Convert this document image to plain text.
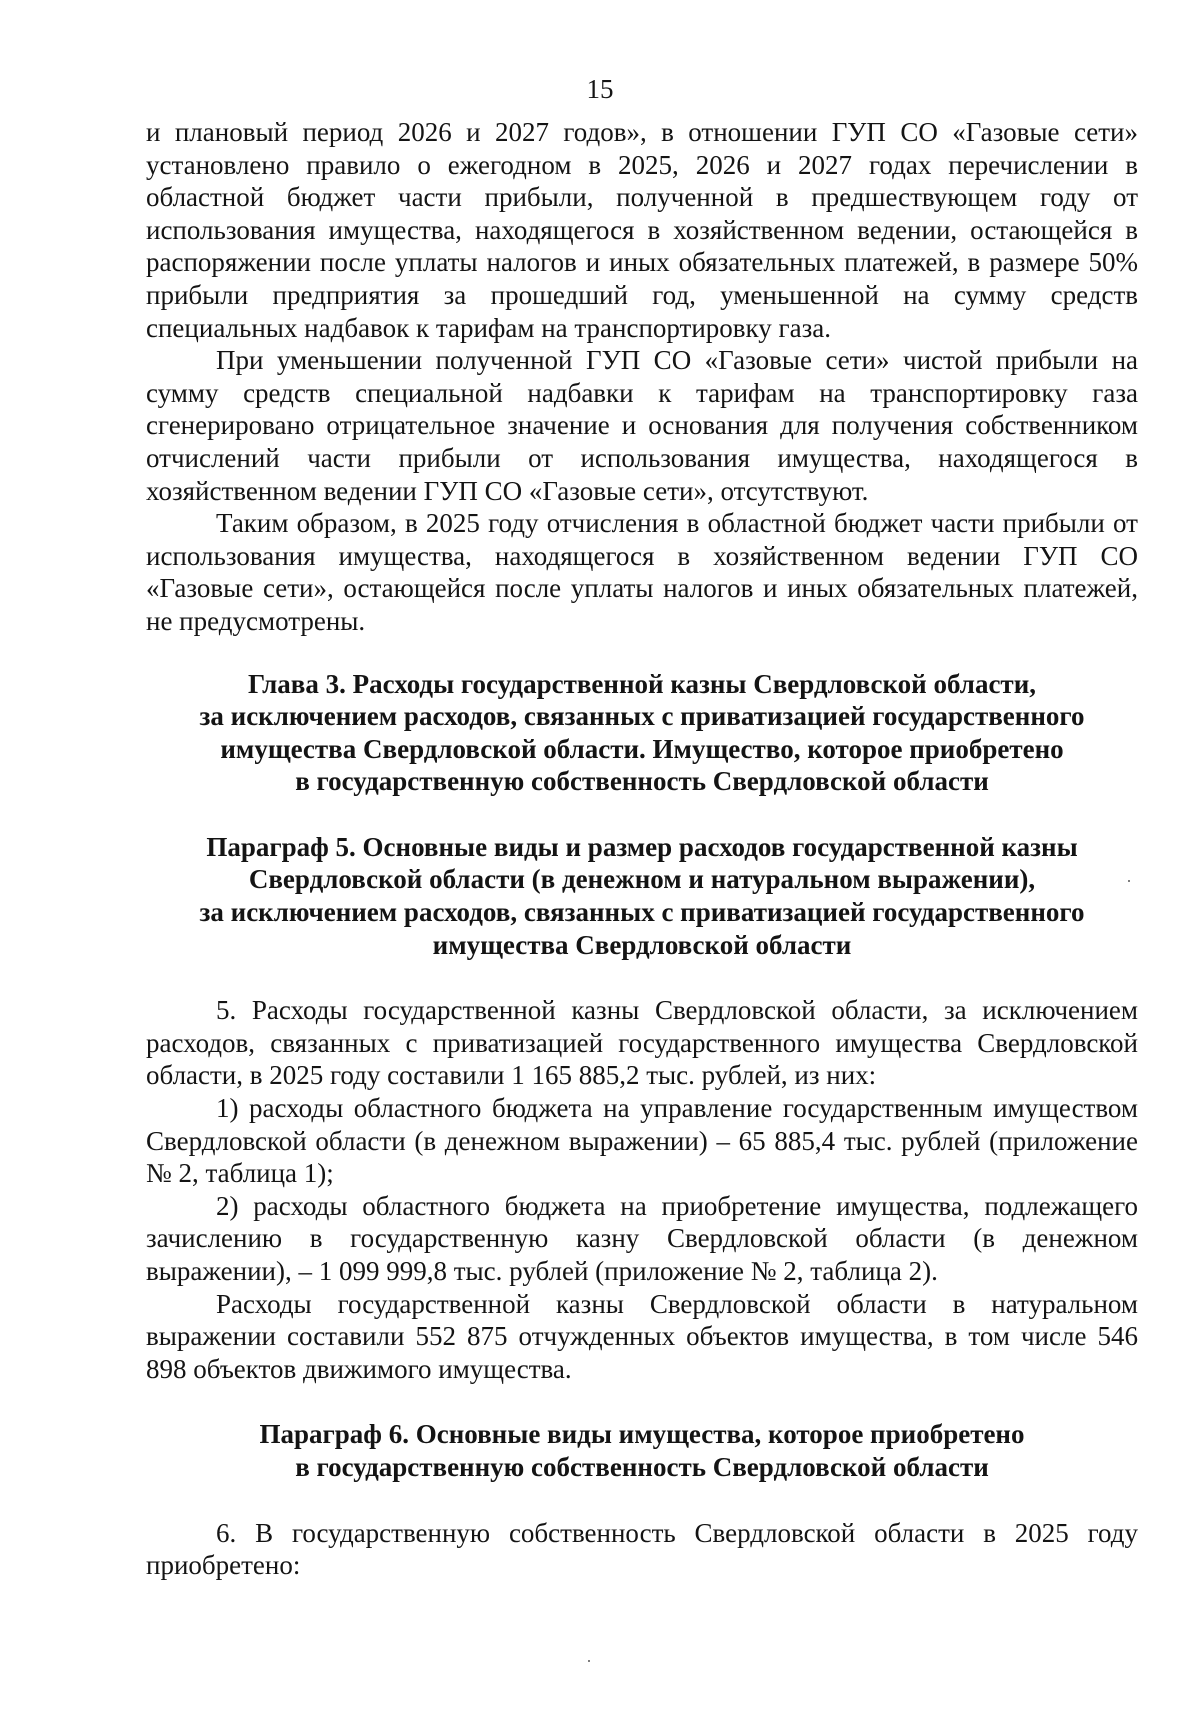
15

и плановый период 2026 и 2027 годов», в отношении ГУП СО «Газовые сети» установлено правило о ежегодном в 2025, 2026 и 2027 годах перечислении в областной бюджет части прибыли, полученной в предшествующем году от использования имущества, находящегося в хозяйственном ведении, остающейся в распоряжении после уплаты налогов и иных обязательных платежей, в размере 50% прибыли предприятия за прошедший год, уменьшенной на сумму средств специальных надбавок к тарифам на транспортировку газа.

При уменьшении полученной ГУП СО «Газовые сети» чистой прибыли на сумму средств специальной надбавки к тарифам на транспортировку газа сгенерировано отрицательное значение и основания для получения собственником отчислений части прибыли от использования имущества, находящегося в хозяйственном ведении ГУП СО «Газовые сети», отсутствуют.

Таким образом, в 2025 году отчисления в областной бюджет части прибыли от использования имущества, находящегося в хозяйственном ведении ГУП СО «Газовые сети», остающейся после уплаты налогов и иных обязательных платежей, не предусмотрены.

Глава 3. Расходы государственной казны Свердловской области,
за исключением расходов, связанных с приватизацией государственного
имущества Свердловской области. Имущество, которое приобретено
в государственную собственность Свердловской области
Параграф 5. Основные виды и размер расходов государственной казны
Свердловской области (в денежном и натуральном выражении),
за исключением расходов, связанных с приватизацией государственного
имущества Свердловской области

5. Расходы государственной казны Свердловской области, за исключением расходов, связанных с приватизацией государственного имущества Свердловской области, в 2025 году составили 1 165 885,2 тыс. рублей, из них:

1) расходы областного бюджета на управление государственным имуществом Свердловской области (в денежном выражении) – 65 885,4 тыс. рублей (приложение № 2, таблица 1);

2) расходы областного бюджета на приобретение имущества, подлежащего зачислению в государственную казну Свердловской области (в денежном выражении), – 1 099 999,8 тыс. рублей (приложение № 2, таблица 2).

Расходы государственной казны Свердловской области в натуральном выражении составили 552 875 отчужденных объектов имущества, в том числе 546 898 объектов движимого имущества.

Параграф 6. Основные виды имущества, которое приобретено
в государственную собственность Свердловской области

6. В государственную собственность Свердловской области в 2025 году приобретено:
